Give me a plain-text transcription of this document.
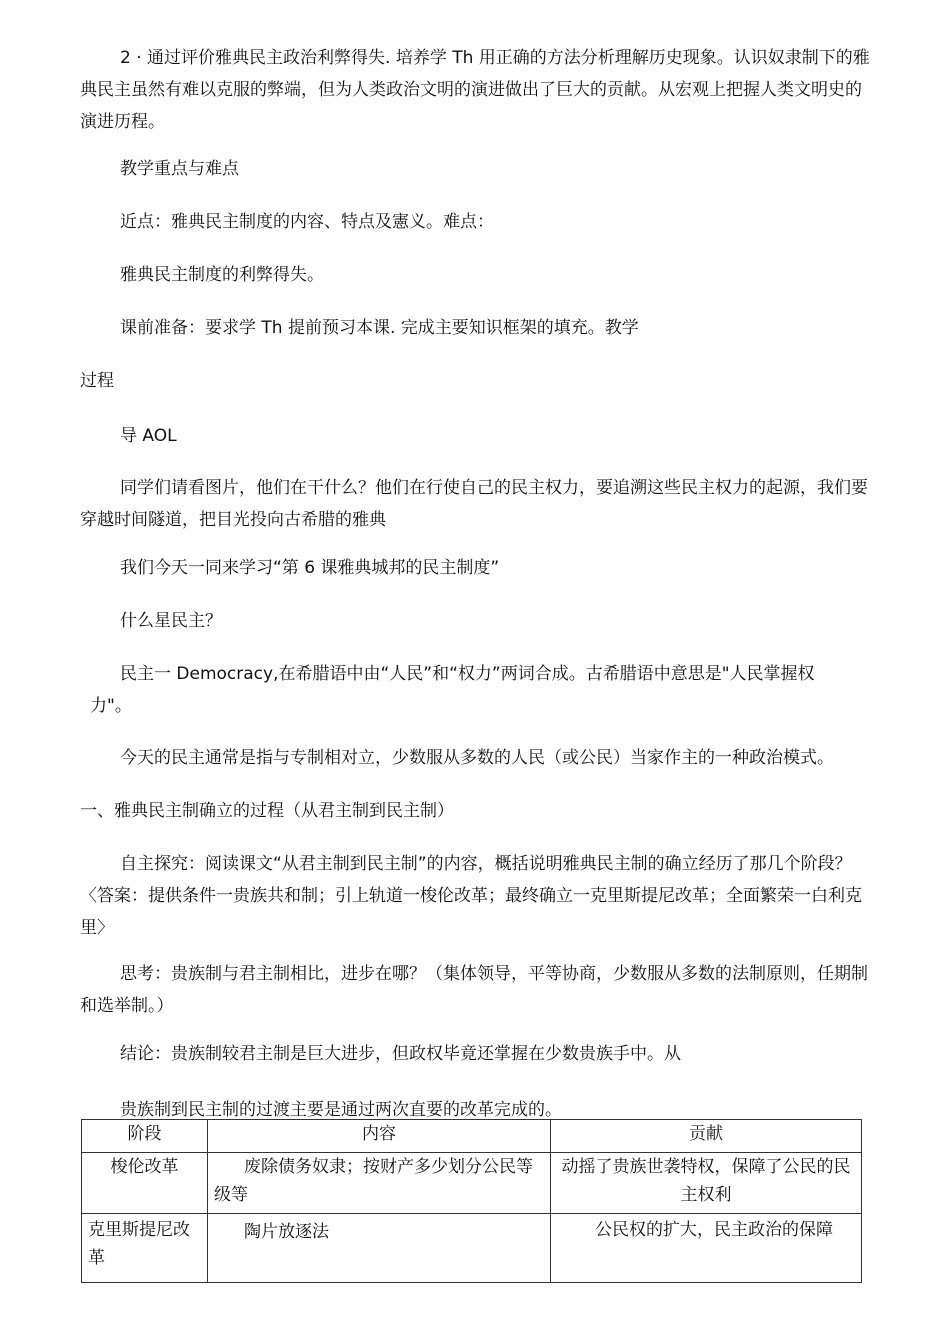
2 · 通过评价雅典民主政治利弊得失. 培养学 Th 用正确的方法分析理解历史现象。认识奴隶制下的雅典民主虽然有难以克服的弊端，但为人类政治文明的演进做出了巨大的贡献。从宏观上把握人类文明史的演进历程。

教学重点与难点

近点：雅典民主制度的内容、特点及憲义。难点：

雅典民主制度的利弊得失。

课前准备：要求学 Th 提前预习本课. 完成主要知识框架的填充。教学

过程

导 AOL

同学们请看图片，他们在干什么？他们在行使自己的民主权力，要追溯这些民主权力的起源，我们要穿越时间隧道，把目光投向古希腊的雅典

我们今天一同来学习“第 6 课雅典城邦的民主制度”

什么星民主？

民主一 Democracy,在希腊语中由“人民”和“权力”两词合成。古希腊语中意思是"人民掌握权
力"。

今天的民主通常是指与专制相对立，少数服从多数的人民（或公民）当家作主的一种政治模式。

一、雅典民主制确立的过程（从君主制到民主制）

自主探究：阅读课文“从君主制到民主制”的内容，概括说明雅典民主制的确立经历了那几个阶段？〈答案：提供条件一贵族共和制；引上轨道一梭伦改革；最终确立一克里斯提尼改革；全面繁荣一白利克里〉

思考：贵族制与君主制相比，进步在哪？（集体领导，平等协商，少数服从多数的法制原则，任期制和选举制。）

结论：贵族制较君主制是巨大进步，但政权毕竟还掌握在少数贵族手中。从

贵族制到民主制的过渡主要是通过两次直要的改革完成的。

阶段	内容	贡献
梭伦改革	废除债务奴隶；按财产多少划分公民等级等	动摇了贵族世袭特权，保障了公民的民主权利
克里斯提尼改革	陶片放逐法	公民权的扩大，民主政治的保障
